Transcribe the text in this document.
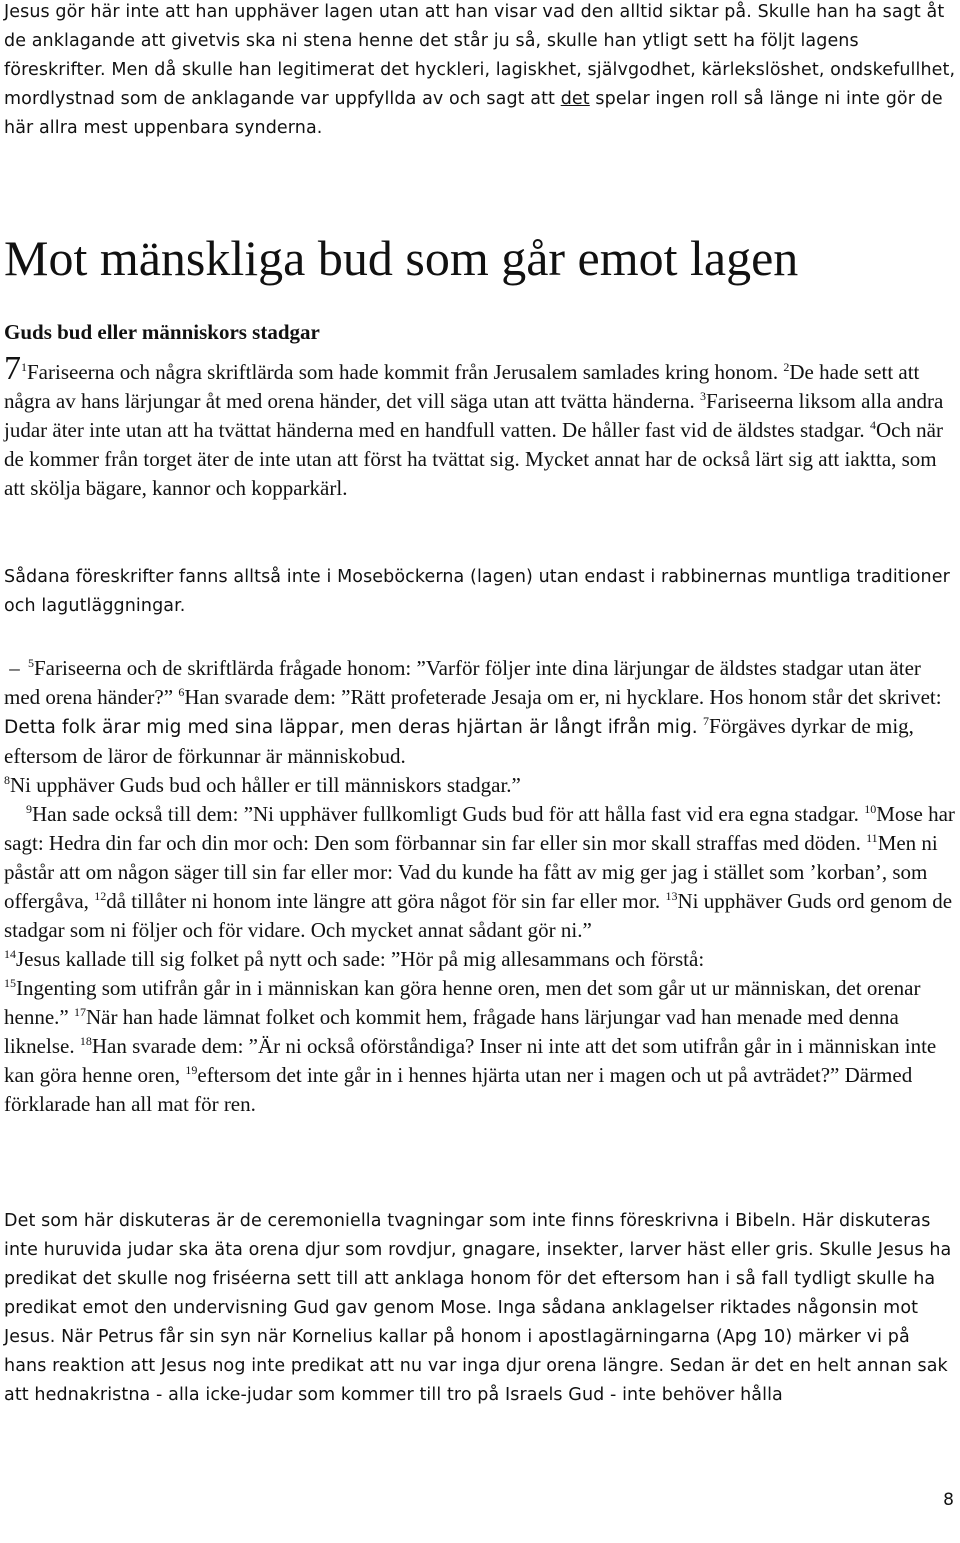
Jesus gör här inte att han upphäver lagen utan att han visar vad den alltid siktar på. Skulle han ha sagt åt de anklagande att givetvis ska ni stena henne det står ju så, skulle han ytligt sett ha följt lagens föreskrifter. Men då skulle han legitimerat det hyckleri, lagiskhet, självgodhet, kärlekslöshet, ondskefullhet, mordlystnad som de anklagande var uppfyllda av och sagt att det spelar ingen roll så länge ni inte gör de här allra mest uppenbara synderna.

Mot mänskliga bud som går emot lagen
Guds bud eller människors stadgar

$7^1Fariseerna$ och några skriftlärda som hade kommit från Jerusalem samlades kring honom. $^2$De hade sett att några av hans lärjungar åt med orena händer, det vill säga utan att tvätta händerna. $^3$Fariseerna liksom alla andra judar äter inte utan att ha tvättat händerna med en handfull vatten. De håller fast vid de äldstes stadgar. $^4$Och när de kommer från torget äter de inte utan att först ha tvättat sig. Mycket annat har de också lärt sig att iaktta, som att skölja bägare, kannor och kopparkärl.

Sådana föreskrifter fanns alltså inte i Moseböckerna (lagen) utan endast i rabbinernas muntliga traditioner och lagutläggningar.

– $^5$Fariseerna och de skriftlärda frågade honom: ”Varför följer inte dina lärjungar de äldstes stadgar utan äter med orena händer?” $^6$Han svarade dem: ”Rätt profeterade Jesaja om er, ni hycklare. Hos honom står det skrivet: Detta folk ärar mig med sina läppar, men deras hjärtan är långt ifrån mig. $^7$Förgäves dyrkar de mig, eftersom de läror de förkunnar är människobud.
$^8$Ni upphäver Guds bud och håller er till människors stadgar.”
$^9$Han sade också till dem: ”Ni upphäver fullkomligt Guds bud för att hålla fast vid era egna stadgar. $^{10}$Mose har sagt: Hedra din far och din mor och: Den som förbannar sin far eller sin mor skall straffas med döden. $^{11}$Men ni påstår att om någon säger till sin far eller mor: Vad du kunde ha fått av mig ger jag i stället som ’korban’, som offergåva, $^{12}$då tillåter ni honom inte längre att göra något för sin far eller mor. $^{13}$Ni upphäver Guds ord genom de stadgar som ni följer och för vidare. Och mycket annat sådant gör ni.”
$^{14}$Jesus kallade till sig folket på nytt och sade: ”Hör på mig allesammans och förstå:
$^{15}$Ingenting som utifrån går in i människan kan göra henne oren, men det som går ut ur människan, det orenar henne.” $^{17}$När han hade lämnat folket och kommit hem, frågade hans lärjungar vad han menade med denna liknelse. $^{18}$Han svarade dem: ”Är ni också oförståndiga? Inser ni inte att det som utifrån går in i människan inte kan göra henne oren, $^{19}$eftersom det inte går in i hennes hjärta utan ner i magen och ut på avträdet?” Därmed förklarade han all mat för ren.

Det som här diskuteras är de ceremoniella tvagningar som inte finns föreskrivna i Bibeln. Här diskuteras inte huruvida judar ska äta orena djur som rovdjur, gnagare, insekter, larver häst eller gris. Skulle Jesus ha predikat det skulle nog friséerna sett till att anklaga honom för det eftersom han i så fall tydligt skulle ha predikat emot den undervisning Gud gav genom Mose. Inga sådana anklagelser riktades någonsin mot Jesus. När Petrus får sin syn när Kornelius kallar på honom i apostlagärningarna (Apg 10) märker vi på hans reaktion att Jesus nog inte predikat att nu var inga djur orena längre. Sedan är det en helt annan sak att hednakristna - alla icke-judar som kommer till tro på Israels Gud - inte behöver hålla

8
